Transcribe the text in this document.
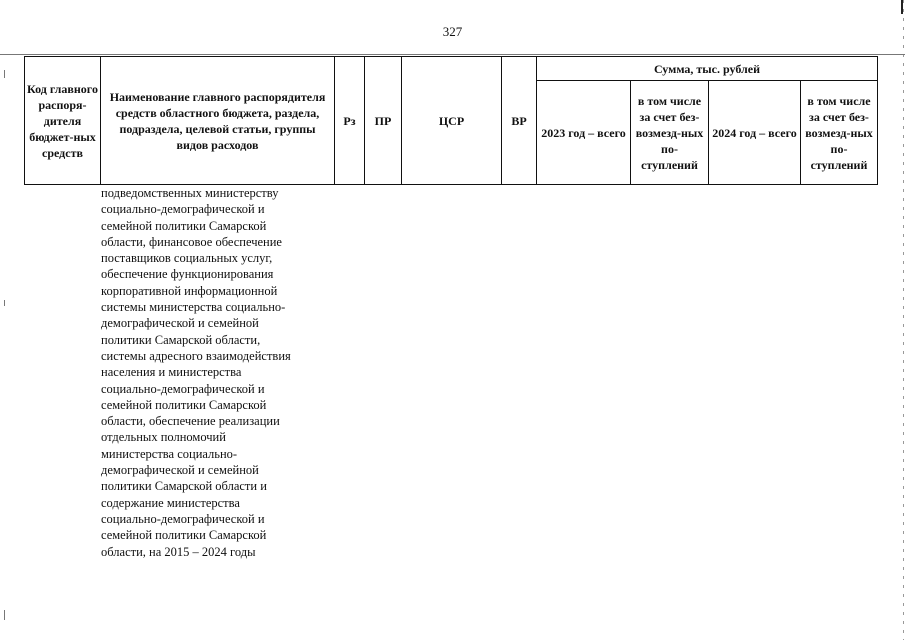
327
Код главного распоря-дителя бюджет-ных средств	Наименование главного распорядителя средств областного бюджета, раздела, подраздела, целевой статьи, группы видов расходов	Рз	ПР	ЦСР	ВР	Сумма, тыс. рублей			
						2023 год – всего	в том числе за счет без-возмезд-ных по-ступлений	2024 год – всего	в том числе за счет без-возмезд-ных по-ступлений
подведомственных министерству
социально-демографической и
семейной политики Самарской
области, финансовое обеспечение
поставщиков социальных услуг,
обеспечение функционирования
корпоративной информационной
системы министерства социально-
демографической и семейной
политики Самарской области,
системы адресного взаимодействия
населения и министерства
социально-демографической и
семейной политики Самарской
области, обеспечение реализации
отдельных полномочий
министерства социально-
демографической и семейной
политики Самарской области и
содержание министерства
социально-демографической и
семейной политики Самарской
области, на 2015 – 2024 годы
